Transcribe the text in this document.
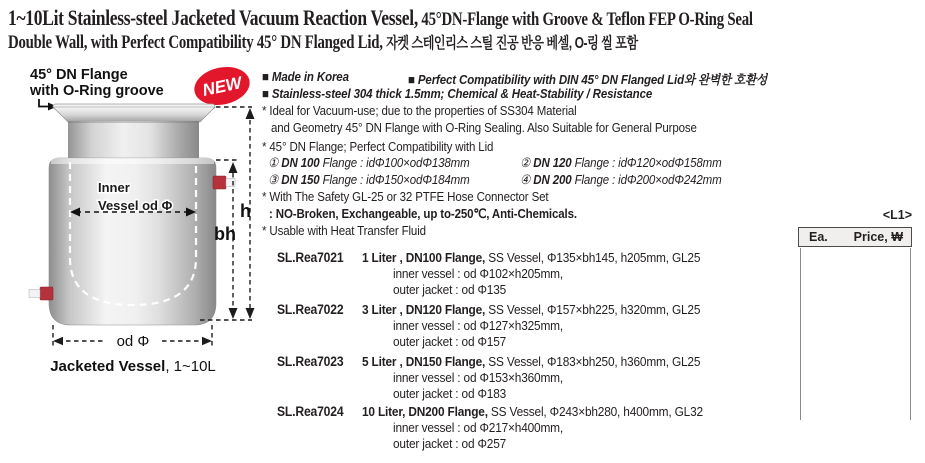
1~10Lit Stainless-steel Jacketed Vacuum Reaction Vessel, 45°DN-Flange with Groove & Teflon FEP O-Ring Seal
Double Wall, with Perfect Compatibility 45° DN Flanged Lid, 자켓 스테인리스 스틸 진공 반응 베셀, O-링 씰 포함
45° DN Flange
with O-Ring groove NEW
Inner
Vessel od Φ	h
bh
od Φ
Jacketed Vessel, 1~10L
■ Made in Korea	■ Perfect Compatibility with DIN 45° DN Flanged Lid와 완벽한 호환성
■ Stainless-steel 304 thick 1.5mm; Chemical & Heat-Stability / Resistance
* Ideal for Vacuum-use; due to the properties of SS304 Material
and Geometry 45° DN Flange with O-Ring Sealing. Also Suitable for General Purpose
* 45° DN Flange; Perfect Compatibility with Lid
① DN 100 Flange : idΦ100×odΦ138mm	② DN 120 Flange : idΦ120×odΦ158mm
③ DN 150 Flange : idΦ150×odΦ184mm	④ DN 200 Flange : idΦ200×odΦ242mm
* With The Safety GL-25 or 32 PTFE Hose Connector Set
: NO-Broken, Exchangeable, up to-250℃, Anti-Chemicals.
* Usable with Heat Transfer Fluid
SL.Rea7021 1 Liter , DN100 Flange, SS Vessel, Φ135×bh145, h205mm, GL25
inner vessel : od Φ102×h205mm,
outer jacket : od Φ135
SL.Rea7022 3 Liter , DN120 Flange, SS Vessel, Φ157×bh225, h320mm, GL25
inner vessel : od Φ127×h325mm,
outer jacket : od Φ157
SL.Rea7023 5 Liter , DN150 Flange, SS Vessel, Φ183×bh250, h360mm, GL25
inner vessel : od Φ153×h360mm,
outer jacket : od Φ183
SL.Rea7024 10 Liter, DN200 Flange, SS Vessel, Φ243×bh280, h400mm, GL32
inner vessel : od Φ217×h400mm,
outer jacket : od Φ257
<L1>
Ea. Price, ₩
